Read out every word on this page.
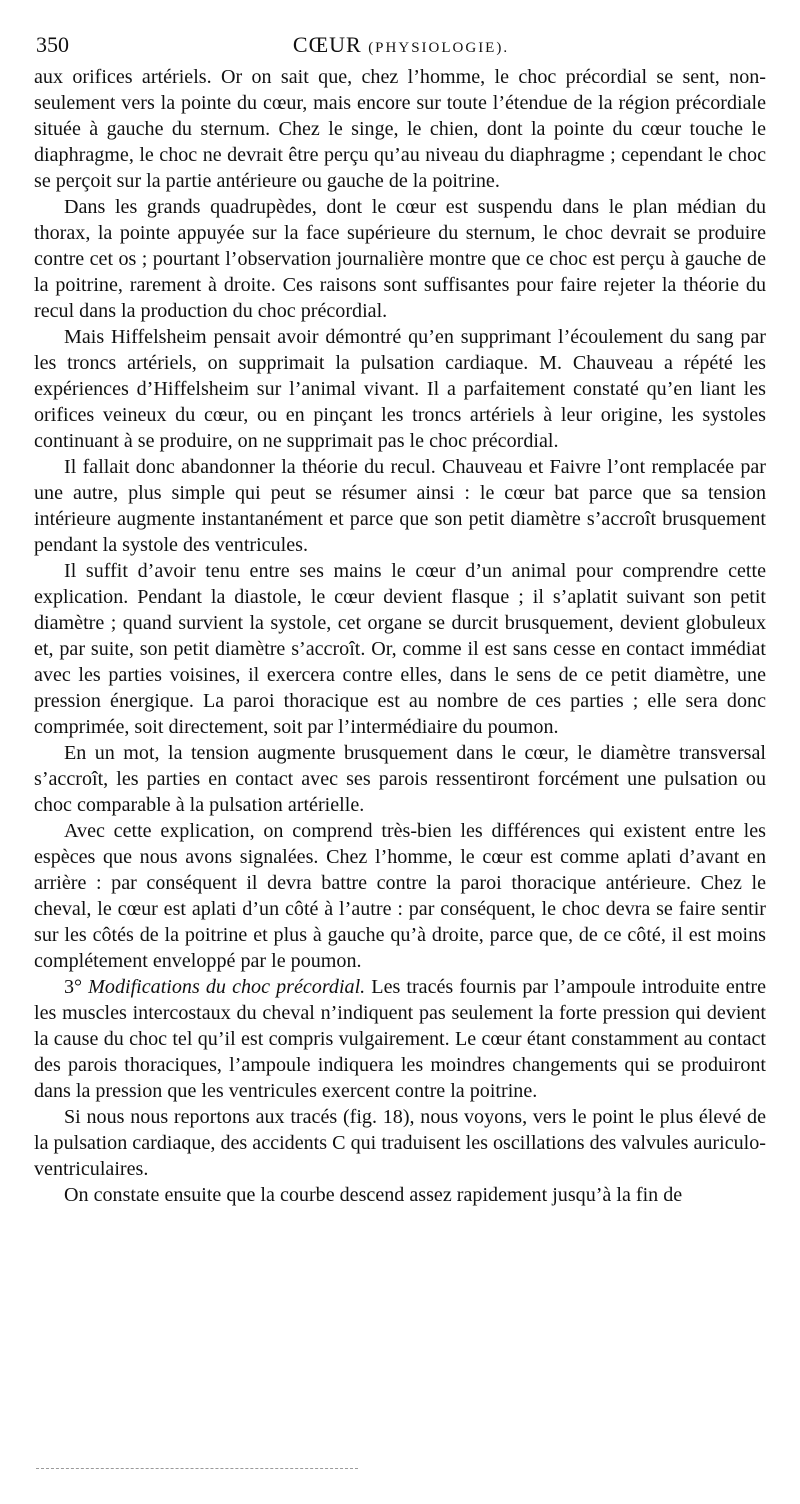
350	CŒUR (PHYSIOLOGIE).

aux orifices artériels. Or on sait que, chez l’homme, le choc précordial se sent, non-seulement vers la pointe du cœur, mais encore sur toute l’étendue de la région précordiale située à gauche du sternum. Chez le singe, le chien, dont la pointe du cœur touche le diaphragme, le choc ne devrait être perçu qu’au niveau du diaphragme ; cependant le choc se perçoit sur la partie antérieure ou gauche de la poitrine.

Dans les grands quadrupèdes, dont le cœur est suspendu dans le plan médian du thorax, la pointe appuyée sur la face supérieure du sternum, le choc devrait se produire contre cet os ; pourtant l’observation journalière montre que ce choc est perçu à gauche de la poitrine, rarement à droite. Ces raisons sont suffisantes pour faire rejeter la théorie du recul dans la production du choc précordial.

Mais Hiffelsheim pensait avoir démontré qu’en supprimant l’écoulement du sang par les troncs artériels, on supprimait la pulsation cardiaque. M. Chauveau a répété les expériences d’Hiffelsheim sur l’animal vivant. Il a parfaitement constaté qu’en liant les orifices veineux du cœur, ou en pinçant les troncs artériels à leur origine, les systoles continuant à se produire, on ne supprimait pas le choc précordial.

Il fallait donc abandonner la théorie du recul. Chauveau et Faivre l’ont remplacée par une autre, plus simple qui peut se résumer ainsi : le cœur bat parce que sa tension intérieure augmente instantanément et parce que son petit diamètre s’accroît brusquement pendant la systole des ventricules.

Il suffit d’avoir tenu entre ses mains le cœur d’un animal pour comprendre cette explication. Pendant la diastole, le cœur devient flasque ; il s’aplatit suivant son petit diamètre ; quand survient la systole, cet organe se durcit brusquement, devient globuleux et, par suite, son petit diamètre s’accroît. Or, comme il est sans cesse en contact immédiat avec les parties voisines, il exercera contre elles, dans le sens de ce petit diamètre, une pression énergique. La paroi thoracique est au nombre de ces parties ; elle sera donc comprimée, soit directement, soit par l’intermédiaire du poumon.

En un mot, la tension augmente brusquement dans le cœur, le diamètre transversal s’accroît, les parties en contact avec ses parois ressentiront forcément une pulsation ou choc comparable à la pulsation artérielle.

Avec cette explication, on comprend très-bien les différences qui existent entre les espèces que nous avons signalées. Chez l’homme, le cœur est comme aplati d’avant en arrière : par conséquent il devra battre contre la paroi thoracique antérieure. Chez le cheval, le cœur est aplati d’un côté à l’autre : par conséquent, le choc devra se faire sentir sur les côtés de la poitrine et plus à gauche qu’à droite, parce que, de ce côté, il est moins complétement enveloppé par le poumon.

3° Modifications du choc précordial. Les tracés fournis par l’ampoule introduite entre les muscles intercostaux du cheval n’indiquent pas seulement la forte pression qui devient la cause du choc tel qu’il est compris vulgairement. Le cœur étant constamment au contact des parois thoraciques, l’ampoule indiquera les moindres changements qui se produiront dans la pression que les ventricules exercent contre la poitrine.

Si nous nous reportons aux tracés (fig. 18), nous voyons, vers le point le plus élevé de la pulsation cardiaque, des accidents C qui traduisent les oscillations des valvules auriculo-ventriculaires.

On constate ensuite que la courbe descend assez rapidement jusqu’à la fin de
